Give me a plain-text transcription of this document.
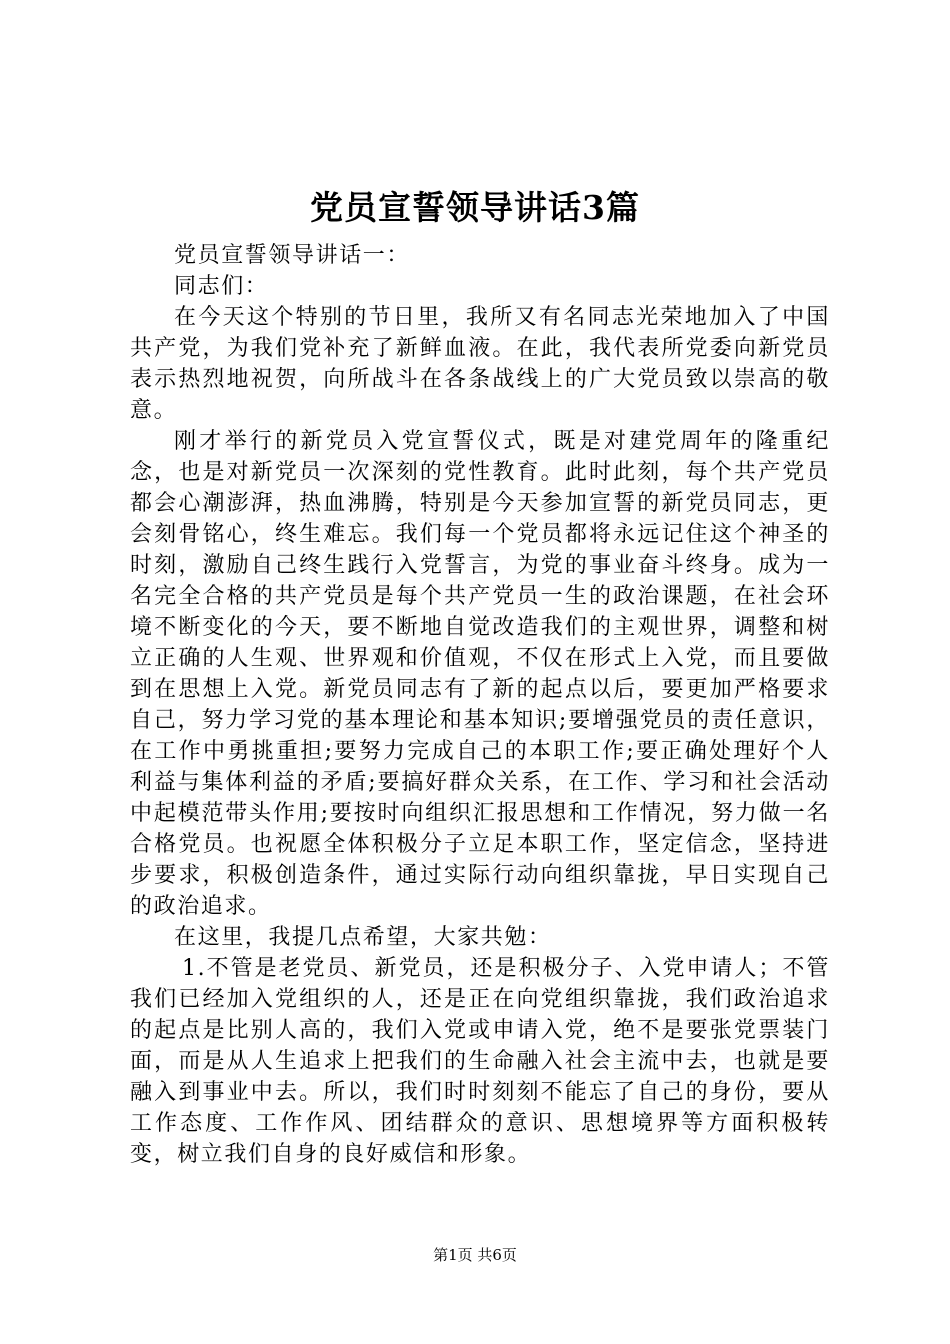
党员宣誓领导讲话3篇

党员宣誓领导讲话一：

同志们：

在今天这个特别的节日里，我所又有名同志光荣地加入了中国共产党，为我们党补充了新鲜血液。在此，我代表所党委向新党员表示热烈地祝贺，向所战斗在各条战线上的广大党员致以崇高的敬意。

刚才举行的新党员入党宣誓仪式，既是对建党周年的隆重纪念，也是对新党员一次深刻的党性教育。此时此刻，每个共产党员都会心潮澎湃，热血沸腾，特别是今天参加宣誓的新党员同志，更会刻骨铭心，终生难忘。我们每一个党员都将永远记住这个神圣的时刻，激励自己终生践行入党誓言，为党的事业奋斗终身。成为一名完全合格的共产党员是每个共产党员一生的政治课题，在社会环境不断变化的今天，要不断地自觉改造我们的主观世界，调整和树立正确的人生观、世界观和价值观，不仅在形式上入党，而且要做到在思想上入党。新党员同志有了新的起点以后，要更加严格要求自己，努力学习党的基本理论和基本知识;要增强党员的责任意识，在工作中勇挑重担;要努力完成自己的本职工作;要正确处理好个人利益与集体利益的矛盾;要搞好群众关系，在工作、学习和社会活动中起模范带头作用;要按时向组织汇报思想和工作情况，努力做一名合格党员。也祝愿全体积极分子立足本职工作，坚定信念，坚持进步要求，积极创造条件，通过实际行动向组织靠拢，早日实现自己的政治追求。

在这里，我提几点希望，大家共勉：

1.不管是老党员、新党员，还是积极分子、入党申请人；不管我们已经加入党组织的人，还是正在向党组织靠拢，我们政治追求的起点是比别人高的，我们入党或申请入党，绝不是要张党票装门面，而是从人生追求上把我们的生命融入社会主流中去，也就是要融入到事业中去。所以，我们时时刻刻不能忘了自己的身份，要从工作态度、工作作风、团结群众的意识、思想境界等方面积极转变，树立我们自身的良好威信和形象。

第1页 共6页
